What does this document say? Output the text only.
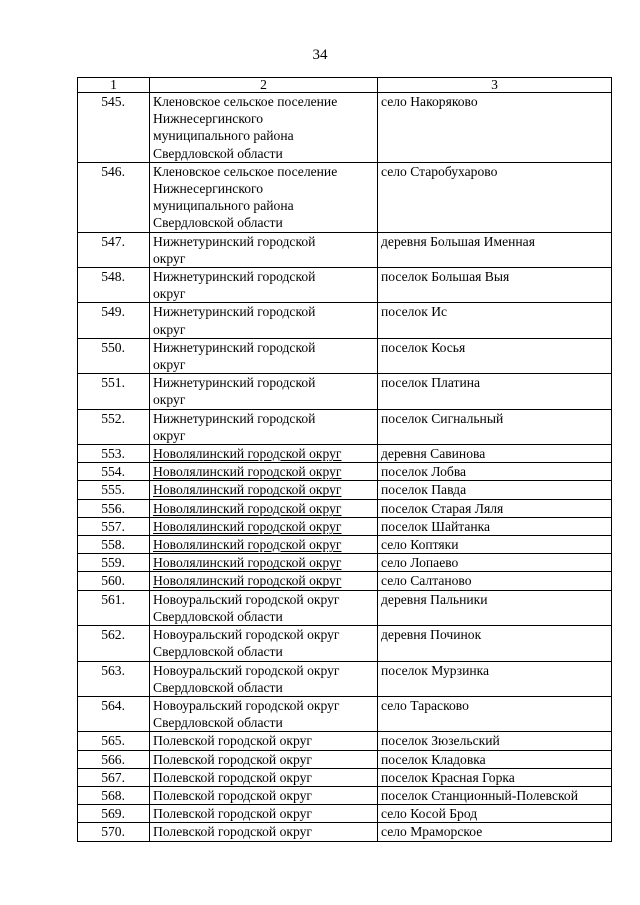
34
1	2	3
545.	Кленовское сельское поселение
Нижнесергинского
муниципального района
Свердловской области	село Накоряково
546.	Кленовское сельское поселение
Нижнесергинского
муниципального района
Свердловской области	село Старобухарово
547.	Нижнетуринский городской
округ	деревня Большая Именная
548.	Нижнетуринский городской
округ	поселок Большая Выя
549.	Нижнетуринский городской
округ	поселок Ис
550.	Нижнетуринский городской
округ	поселок Косья
551.	Нижнетуринский городской
округ	поселок Платина
552.	Нижнетуринский городской
округ	поселок Сигнальный
553.	Новолялинский городской округ	деревня Савинова
554.	Новолялинский городской округ	поселок Лобва
555.	Новолялинский городской округ	поселок Павда
556.	Новолялинский городской округ	поселок Старая Ляля
557.	Новолялинский городской округ	поселок Шайтанка
558.	Новолялинский городской округ	село Коптяки
559.	Новолялинский городской округ	село Лопаево
560.	Новолялинский городской округ	село Салтаново
561.	Новоуральский городской округ
Свердловской области	деревня Пальники
562.	Новоуральский городской округ
Свердловской области	деревня Починок
563.	Новоуральский городской округ
Свердловской области	поселок Мурзинка
564.	Новоуральский городской округ
Свердловской области	село Тарасково
565.	Полевской городской округ	поселок Зюзельский
566.	Полевской городской округ	поселок Кладовка
567.	Полевской городской округ	поселок Красная Горка
568.	Полевской городской округ	поселок Станционный-Полевской
569.	Полевской городской округ	село Косой Брод
570.	Полевской городской округ	село Мраморское
